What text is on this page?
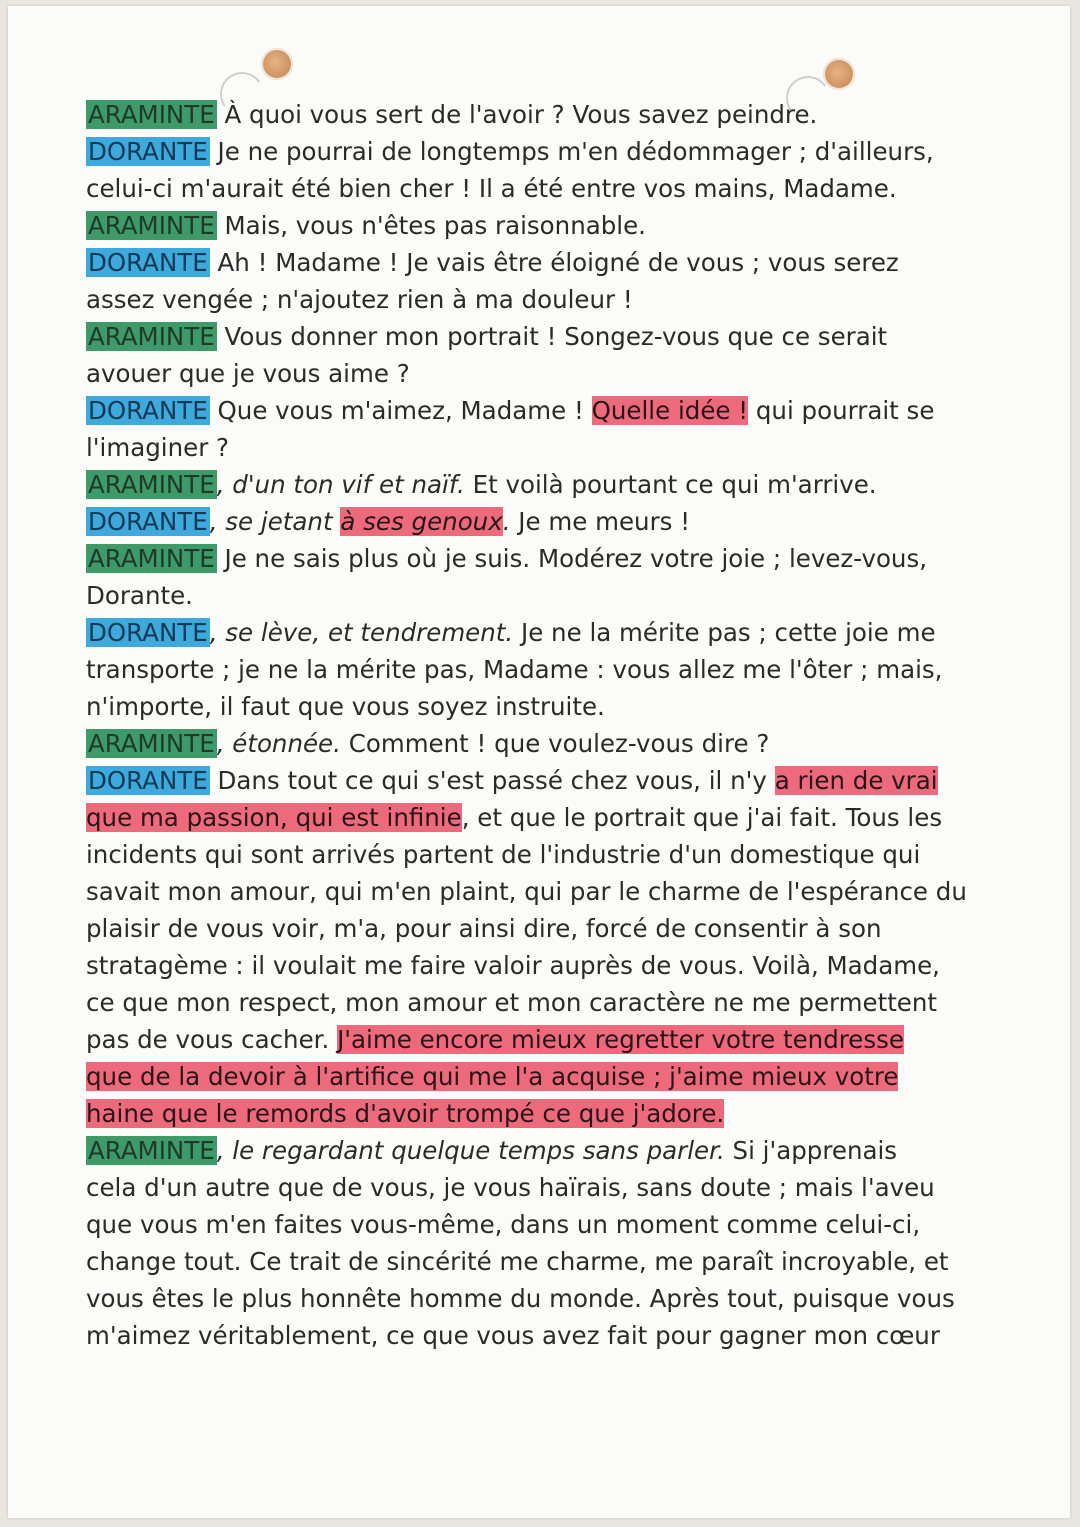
ARAMINTE À quoi vous sert de l'avoir ? Vous savez peindre.
DORANTE Je ne pourrai de longtemps m'en dédommager ; d'ailleurs,
celui-ci m'aurait été bien cher ! Il a été entre vos mains, Madame.
ARAMINTE Mais, vous n'êtes pas raisonnable.
DORANTE Ah ! Madame ! Je vais être éloigné de vous ; vous serez
assez vengée ; n'ajoutez rien à ma douleur !
ARAMINTE Vous donner mon portrait ! Songez-vous que ce serait
avouer que je vous aime ?
DORANTE Que vous m'aimez, Madame ! Quelle idée ! qui pourrait se
l'imaginer ?
ARAMINTE, d'un ton vif et naïf. Et voilà pourtant ce qui m'arrive.
DORANTE, se jetant à ses genoux. Je me meurs !
ARAMINTE Je ne sais plus où je suis. Modérez votre joie ; levez-vous,
Dorante.
DORANTE, se lève, et tendrement. Je ne la mérite pas ; cette joie me
transporte ; je ne la mérite pas, Madame : vous allez me l'ôter ; mais,
n'importe, il faut que vous soyez instruite.
ARAMINTE, étonnée. Comment ! que voulez-vous dire ?
DORANTE Dans tout ce qui s'est passé chez vous, il n'y a rien de vrai
que ma passion, qui est infinie, et que le portrait que j'ai fait. Tous les
incidents qui sont arrivés partent de l'industrie d'un domestique qui
savait mon amour, qui m'en plaint, qui par le charme de l'espérance du
plaisir de vous voir, m'a, pour ainsi dire, forcé de consentir à son
stratagème : il voulait me faire valoir auprès de vous. Voilà, Madame,
ce que mon respect, mon amour et mon caractère ne me permettent
pas de vous cacher. J'aime encore mieux regretter votre tendresse
que de la devoir à l'artifice qui me l'a acquise ; j'aime mieux votre
haine que le remords d'avoir trompé ce que j'adore.
ARAMINTE, le regardant quelque temps sans parler. Si j'apprenais
cela d'un autre que de vous, je vous haïrais, sans doute ; mais l'aveu
que vous m'en faites vous-même, dans un moment comme celui-ci,
change tout. Ce trait de sincérité me charme, me paraît incroyable, et
vous êtes le plus honnête homme du monde. Après tout, puisque vous
m'aimez véritablement, ce que vous avez fait pour gagner mon cœur
